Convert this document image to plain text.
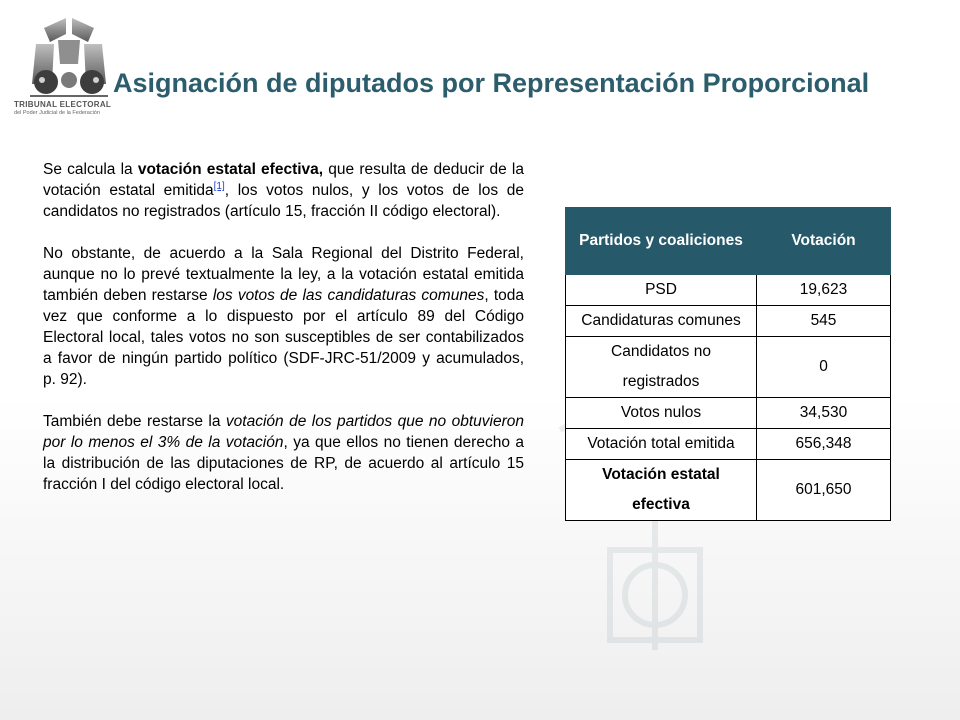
TRIBUNAL ELECTORAL
del Poder Judicial de la Federación
Asignación de diputados por Representación Proporcional

Se calcula la votación estatal efectiva, que resulta de deducir de la votación estatal emitida[1], los votos nulos, y los votos de los de candidatos no registrados (artículo 15, fracción II código electoral).

No obstante, de acuerdo a la Sala Regional del Distrito Federal, aunque no lo prevé textualmente la ley, a la votación estatal emitida también deben restarse los votos de las candidaturas comunes, toda vez que conforme a lo dispuesto por el artículo 89 del Código Electoral local, tales votos no son susceptibles de ser contabilizados a favor de ningún partido político (SDF-JRC-51/2009 y acumulados, p. 92).

También debe restarse la votación de los partidos que no obtuvieron por lo menos el 3% de la votación, ya que ellos no tienen derecho a la distribución de las diputaciones de RP, de acuerdo al artículo 15 fracción I del código electoral local.

Partidos y coaliciones	Votación
PSD	19,623
Candidaturas comunes	545
Candidatos no registrados	0
Votos nulos	34,530
Votación total emitida	656,348
Votación estatal efectiva	601,650
